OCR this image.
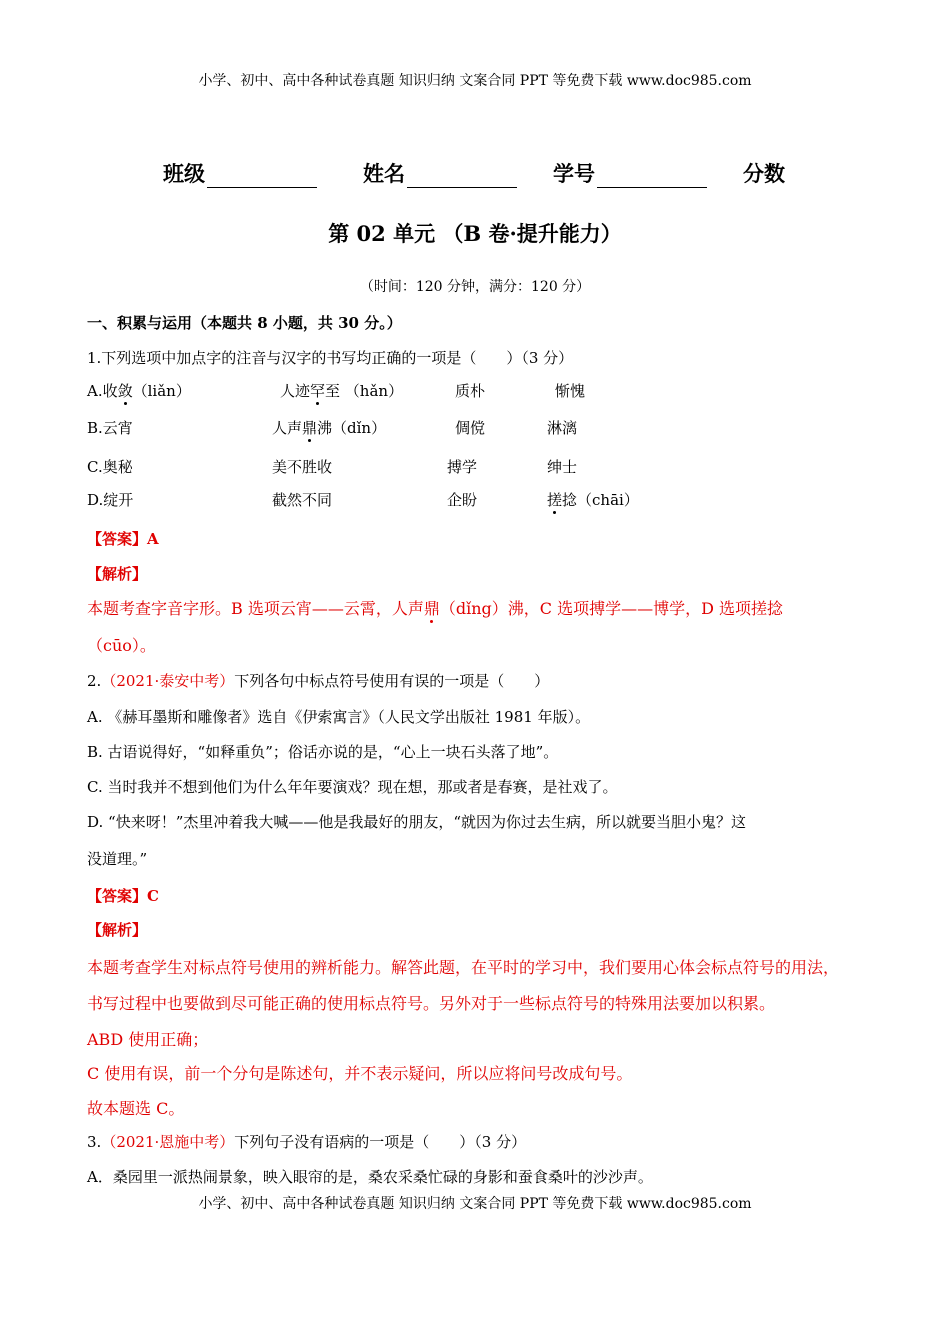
小学、初中、高中各种试卷真题 知识归纳 文案合同 PPT 等免费下载 www.doc985.com
班级	姓名	学号	分数
第 02 单元 （B 卷·提升能力）
（时间：120 分钟，满分：120 分）
一、积累与运用（本题共 8 小题，共 30 分。）
1.下列选项中加点字的注音与汉字的书写均正确的一项是（　　）（3 分）
A.收敛（liǎn）	人迹罕至 （hǎn）	质朴	惭愧
B.云宵	人声鼎沸（dǐn）	倜傥	淋漓
C.奥秘	美不胜收	搏学	绅士
D.绽开	截然不同	企盼	搓捻（chāi）
【答案】A
【解析】
本题考查字音字形。B 选项云宵——云霄，人声鼎（dǐng）沸，C 选项搏学——博学，D 选项搓捻
（cūo）。
2.（2021·泰安中考）下列各句中标点符号使用有误的一项是（　　）
A. 《赫耳墨斯和雕像者》选自《伊索寓言》（人民文学出版社 1981 年版）。
B. 古语说得好，“如释重负”；俗话亦说的是，“心上一块石头落了地”。
C. 当时我并不想到他们为什么年年要演戏？现在想，那或者是春赛，是社戏了。
D. “快来呀！”杰里冲着我大喊——他是我最好的朋友，“就因为你过去生病，所以就要当胆小鬼？这
没道理。”
【答案】C
【解析】
本题考查学生对标点符号使用的辨析能力。解答此题，在平时的学习中，我们要用心体会标点符号的用法，
书写过程中也要做到尽可能正确的使用标点符号。另外对于一些标点符号的特殊用法要加以积累。
ABD 使用正确；
C 使用有误，前一个分句是陈述句，并不表示疑问，所以应将问号改成句号。
故本题选 C。
3.（2021·恩施中考）下列句子没有语病的一项是（　　）（3 分）
A．桑园里一派热闹景象，映入眼帘的是，桑农采桑忙碌的身影和蚕食桑叶的沙沙声。
小学、初中、高中各种试卷真题 知识归纳 文案合同 PPT 等免费下载 www.doc985.com
